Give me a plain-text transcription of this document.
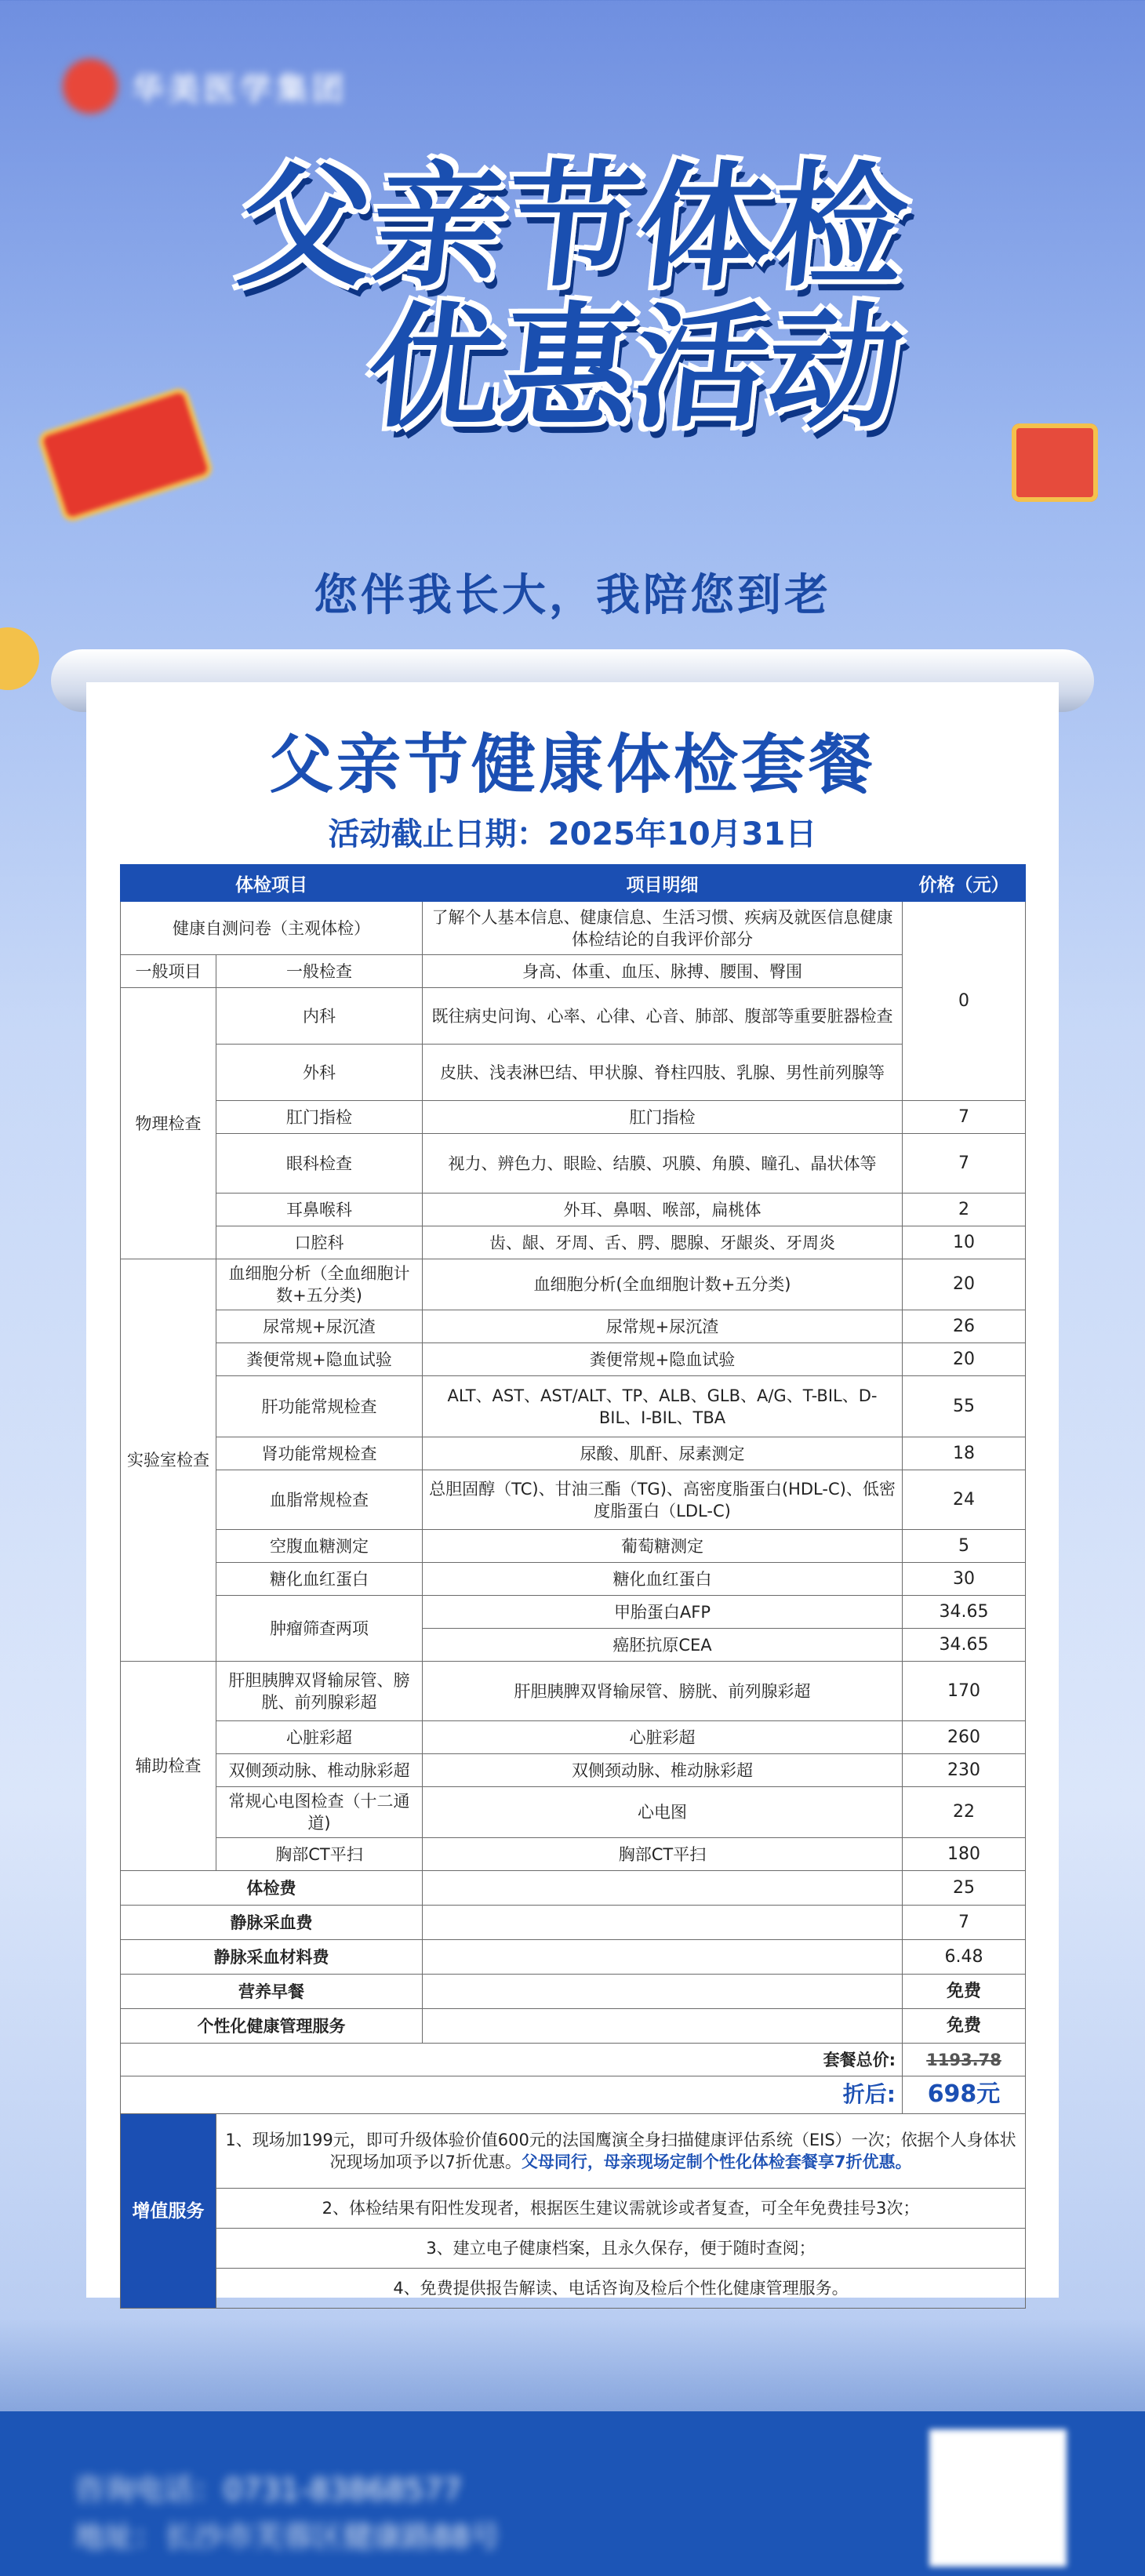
华美医学集团
父亲节体检
优惠活动
您伴我长大，我陪您到老
父亲节健康体检套餐
活动截止日期：2025年10月31日
体检项目		项目明细	价格（元）
健康自测问卷（主观体检）		了解个人基本信息、健康信息、生活习惯、疾病及就医信息健康体检结论的自我评价部分	0
一般项目	一般检查	身高、体重、血压、脉搏、腰围、臀围	
物理检查	内科	既往病史问询、心率、心律、心音、肺部、腹部等重要脏器检查	
	外科	皮肤、浅表淋巴结、甲状腺、脊柱四肢、乳腺、男性前列腺等	
	肛门指检	肛门指检	7
	眼科检查	视力、辨色力、眼睑、结膜、巩膜、角膜、瞳孔、晶状体等	7
	耳鼻喉科	外耳、鼻咽、喉部，扁桃体	2
	口腔科	齿、龈、牙周、舌、腭、腮腺、牙龈炎、牙周炎	10
实验室检查	血细胞分析（全血细胞计数+五分类)	血细胞分析(全血细胞计数+五分类)	20
	尿常规+尿沉渣	尿常规+尿沉渣	26
	粪便常规+隐血试验	粪便常规+隐血试验	20
	肝功能常规检查	ALT、AST、AST/ALT、TP、ALB、GLB、A/G、T-BIL、D-BIL、I-BIL、TBA	55
	肾功能常规检查	尿酸、肌酐、尿素测定	18
	血脂常规检查	总胆固醇（TC)、甘油三酯（TG)、高密度脂蛋白(HDL-C)、低密度脂蛋白（LDL-C)	24
	空腹血糖测定	葡萄糖测定	5
	糖化血红蛋白	糖化血红蛋白	30
	肿瘤筛查两项	甲胎蛋白AFP	34.65
		癌胚抗原CEA	34.65
辅助检查	肝胆胰脾双肾输尿管、膀胱、前列腺彩超	肝胆胰脾双肾输尿管、膀胱、前列腺彩超	170
	心脏彩超	心脏彩超	260
	双侧颈动脉、椎动脉彩超	双侧颈动脉、椎动脉彩超	230
	常规心电图检查（十二通道)	心电图	22
	胸部CT平扫	胸部CT平扫	180
体检费			25
静脉采血费			7
静脉采血材料费			6.48
营养早餐			免费
个性化健康管理服务			免费
套餐总价:			1193.78
折后:			698元
增值服务	1、现场加199元，即可升级体验价值600元的法国鹰演全身扫描健康评估系统（EIS）一次；依据个人身体状况现场加项予以7折优惠。父母同行，母亲现场定制个性化体检套餐享7折优惠。		
	2、体检结果有阳性发现者，根据医生建议需就诊或者复查，可全年免费挂号3次；		
	3、建立电子健康档案，且永久保存，便于随时查阅；		
	4、免费提供报告解读、电话咨询及检后个性化健康管理服务。		
咨询电话：0731-83868577
地址：长沙市芙蓉区健康路88号
